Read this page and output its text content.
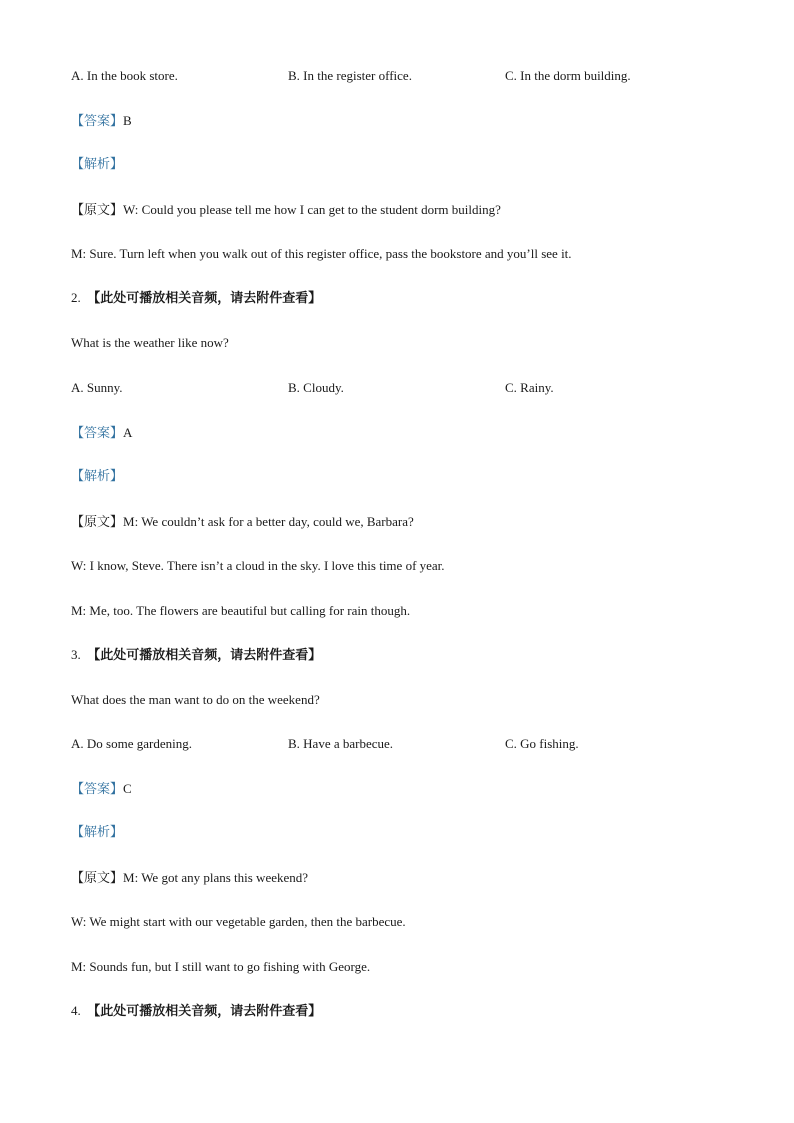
A. In the book store.	B. In the register office.	C. In the dorm building.
【答案】B
【解析】
【原文】W: Could you please tell me how I can get to the student dorm building?
M: Sure. Turn left when you walk out of this register office, pass the bookstore and you’ll see it.
2. 【此处可播放相关音频，请去附件查看】
What is the weather like now?
A. Sunny.	B. Cloudy.	C. Rainy.
【答案】A
【解析】
【原文】M: We couldn’t ask for a better day, could we, Barbara?
W: I know, Steve. There isn’t a cloud in the sky. I love this time of year.
M: Me, too. The flowers are beautiful but calling for rain though.
3. 【此处可播放相关音频，请去附件查看】
What does the man want to do on the weekend?
A. Do some gardening.	B. Have a barbecue.	C. Go fishing.
【答案】C
【解析】
【原文】M: We got any plans this weekend?
W: We might start with our vegetable garden, then the barbecue.
M: Sounds fun, but I still want to go fishing with George.
4. 【此处可播放相关音频，请去附件查看】
